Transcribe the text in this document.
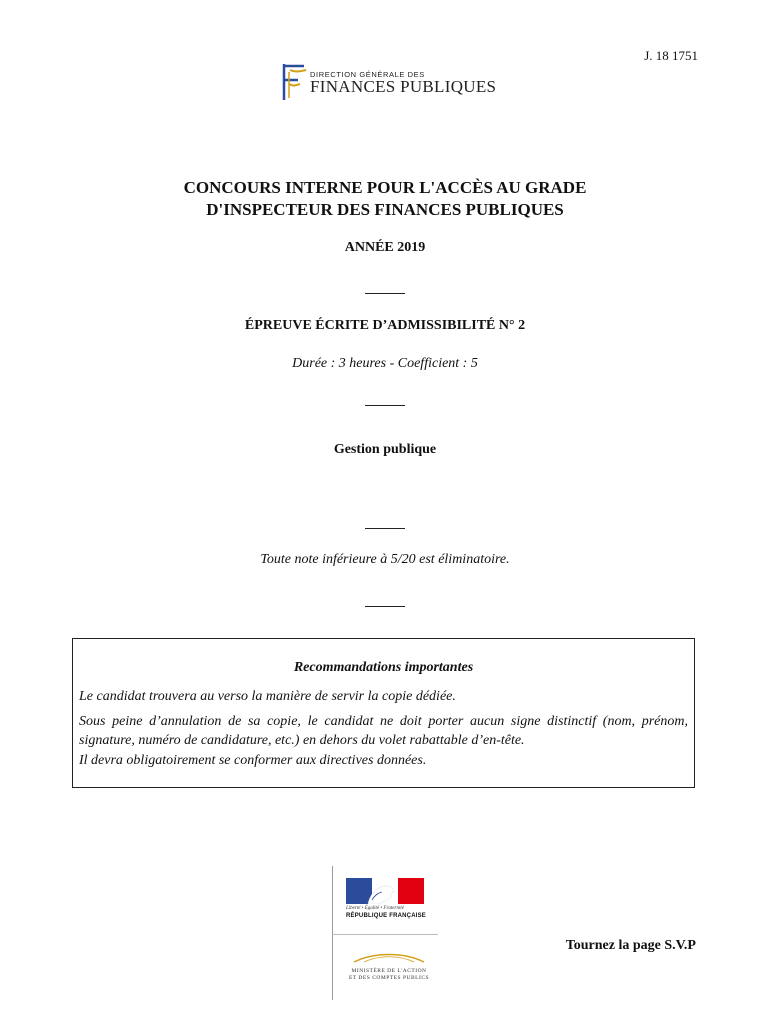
J. 18 1751
DIRECTION GÉNÉRALE DES
FINANCES PUBLIQUES
CONCOURS INTERNE POUR L'ACCÈS AU GRADE
D'INSPECTEUR DES FINANCES PUBLIQUES
ANNÉE 2019
ÉPREUVE ÉCRITE D’ADMISSIBILITÉ N° 2
Durée : 3 heures - Coefficient : 5
Gestion publique
Toute note inférieure à 5/20 est éliminatoire.
Recommandations importantes
Le candidat trouvera au verso la manière de servir la copie dédiée.
Sous peine d’annulation de sa copie, le candidat ne doit porter aucun signe distinctif (nom, prénom, signature, numéro de candidature, etc.) en dehors du volet rabattable d’en-tête.
Il devra obligatoirement se conformer aux directives données.
Liberté • Égalité • Fraternité
RÉPUBLIQUE FRANÇAISE
MINISTÈRE DE L'ACTION
ET DES COMPTES PUBLICS
Tournez la page S.V.P
